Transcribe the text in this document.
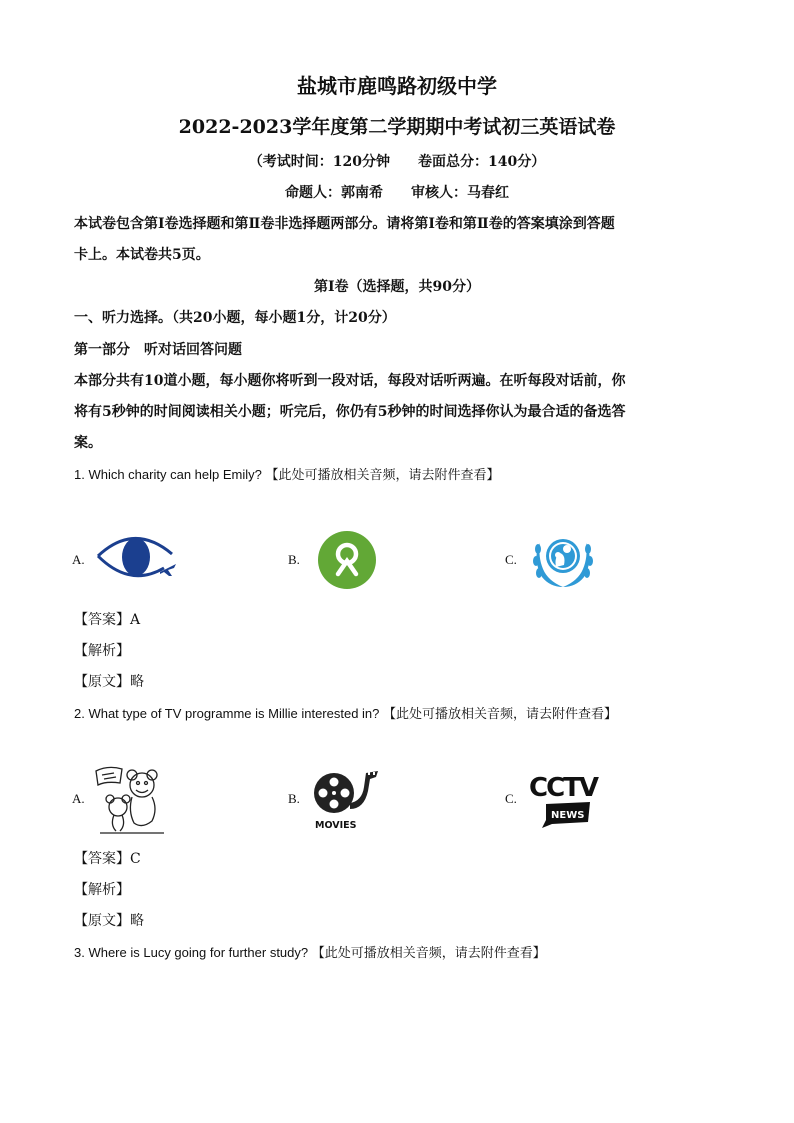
盐城市鹿鸣路初级中学
2022-2023学年度第二学期期中考试初三英语试卷
（考试时间：120分钟　　卷面总分：140分）
命题人：郭南希　　审核人：马春红
本试卷包含第Ⅰ卷选择题和第Ⅱ卷非选择题两部分。请将第Ⅰ卷和第Ⅱ卷的答案填涂到答题
卡上。本试卷共5页。
第Ⅰ卷（选择题，共90分）
一、听力选择。（共20小题，每小题1分，计20分）
第一部分　听对话回答问题
本部分共有10道小题，每小题你将听到一段对话，每段对话听两遍。在听每段对话前，你
将有5秒钟的时间阅读相关小题；听完后，你仍有5秒钟的时间选择你认为最合适的备选答
案。
1. Which charity can help Emily? 【此处可播放相关音频，请去附件查看】
A.	B.	C.
【答案】A
【解析】
【原文】略
2. What type of TV programme is Millie interested in? 【此处可播放相关音频，请去附件查看】
A.	B.
MOVIES
C. CCTV
NEWS
【答案】C
【解析】
【原文】略
3. Where is Lucy going for further study? 【此处可播放相关音频，请去附件查看】
